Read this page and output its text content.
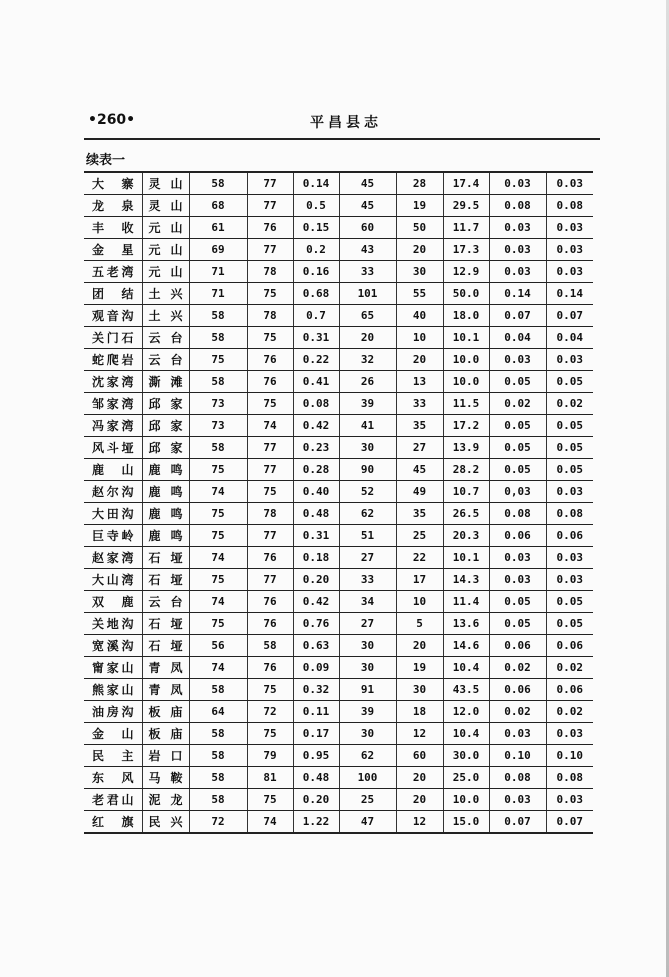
•260•	平昌县志
续表一
大寨	灵山	58	77	0.14	45	28	17.4	0.03	0.03

龙泉	灵山	68	77	0.5	45	19	29.5	0.08	0.08

丰收	元山	61	76	0.15	60	50	11.7	0.03	0.03

金星	元山	69	77	0.2	43	20	17.3	0.03	0.03

五老湾	元山	71	78	0.16	33	30	12.9	0.03	0.03

团结	土兴	71	75	0.68	101	55	50.0	0.14	0.14

观音沟	土兴	58	78	0.7	65	40	18.0	0.07	0.07

关门石	云台	58	75	0.31	20	10	10.1	0.04	0.04

蛇爬岩	云台	75	76	0.22	32	20	10.0	0.03	0.03

沈家湾	澌滩	58	76	0.41	26	13	10.0	0.05	0.05

邹家湾	邱家	73	75	0.08	39	33	11.5	0.02	0.02

冯家湾	邱家	73	74	0.42	41	35	17.2	0.05	0.05

风斗垭	邱家	58	77	0.23	30	27	13.9	0.05	0.05

鹿山	鹿鸣	75	77	0.28	90	45	28.2	0.05	0.05

赵尔沟	鹿鸣	74	75	0.40	52	49	10.7	0,03	0.03

大田沟	鹿鸣	75	78	0.48	62	35	26.5	0.08	0.08

巨寺岭	鹿鸣	75	77	0.31	51	25	20.3	0.06	0.06

赵家湾	石垭	74	76	0.18	27	22	10.1	0.03	0.03

大山湾	石垭	75	77	0.20	33	17	14.3	0.03	0.03

双鹿	云台	74	76	0.42	34	10	11.4	0.05	0.05

关地沟	石垭	75	76	0.76	27	5	13.6	0.05	0.05

宽溪沟	石垭	56	58	0.63	30	20	14.6	0.06	0.06

甯家山	青凤	74	76	0.09	30	19	10.4	0.02	0.02

熊家山	青凤	58	75	0.32	91	30	43.5	0.06	0.06

油房沟	板庙	64	72	0.11	39	18	12.0	0.02	0.02

金山	板庙	58	75	0.17	30	12	10.4	0.03	0.03

民主	岩口	58	79	0.95	62	60	30.0	0.10	0.10

东风	马鞍	58	81	0.48	100	20	25.0	0.08	0.08

老君山	泥龙	58	75	0.20	25	20	10.0	0.03	0.03

红旗	民兴	72	74	1.22	47	12	15.0	0.07	0.07
